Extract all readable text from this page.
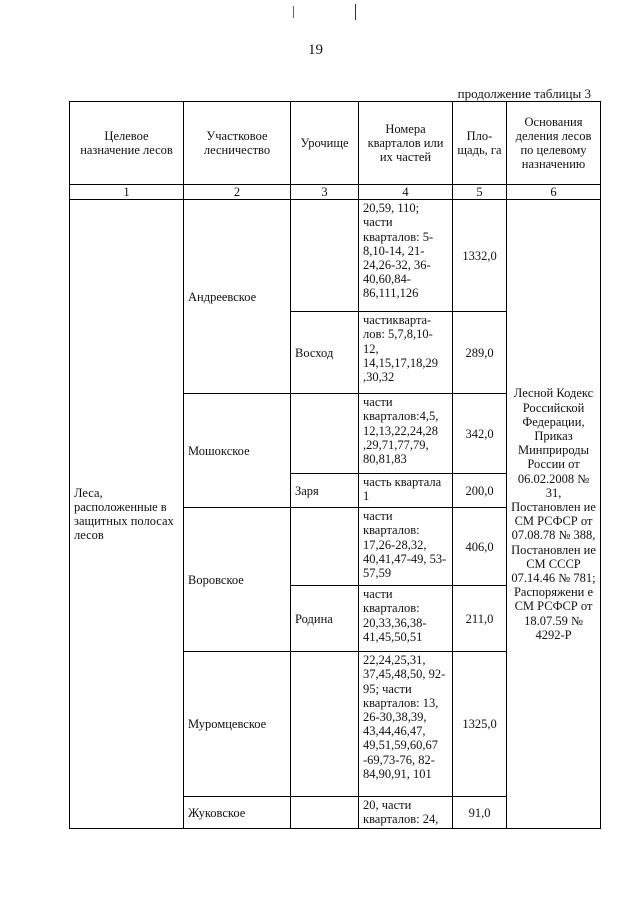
19
продолжение таблицы 3
Целевое назначение лесов	Участковое лесничество	Урочище	Номера кварталов или их частей	Пло-щадь, га	Основания деления лесов по целевому назначению
1	2	3	4	5	6
Леса, расположенные в защитных полосах лесов	Андреевское		20,59, 110; части кварталов: 5-8,10-14, 21-24,26-32, 36-40,60,84-86,111,126	1332,0	Лесной Кодекс Российской Федерации, Приказ Минприроды России от 06.02.2008 № 31, Постановлен ие СМ РСФСР от 07.08.78 № 388, Постановлен ие СМ СССР 07.14.46 № 781; Распоряжени е СМ РСФСР от 18.07.59 № 4292-Р
		Восход	частиквартa-лов: 5,7,8,10-12, 14,15,17,18,29 ,30,32	289,0	
	Мошокское		части кварталов:4,5, 12,13,22,24,28 ,29,71,77,79, 80,81,83	342,0	
		Заря	часть квартала 1	200,0	
	Воровское		части кварталов: 17,26-28,32, 40,41,47-49, 53-57,59	406,0	
		Родина	части кварталов: 20,33,36,38-41,45,50,51	211,0	
	Муромцевское		22,24,25,31, 37,45,48,50, 92-95; части кварталов: 13, 26-30,38,39, 43,44,46,47, 49,51,59,60,67 -69,73-76, 82-84,90,91, 101	1325,0	
	Жуковское		20, части кварталов: 24,	91,0	
